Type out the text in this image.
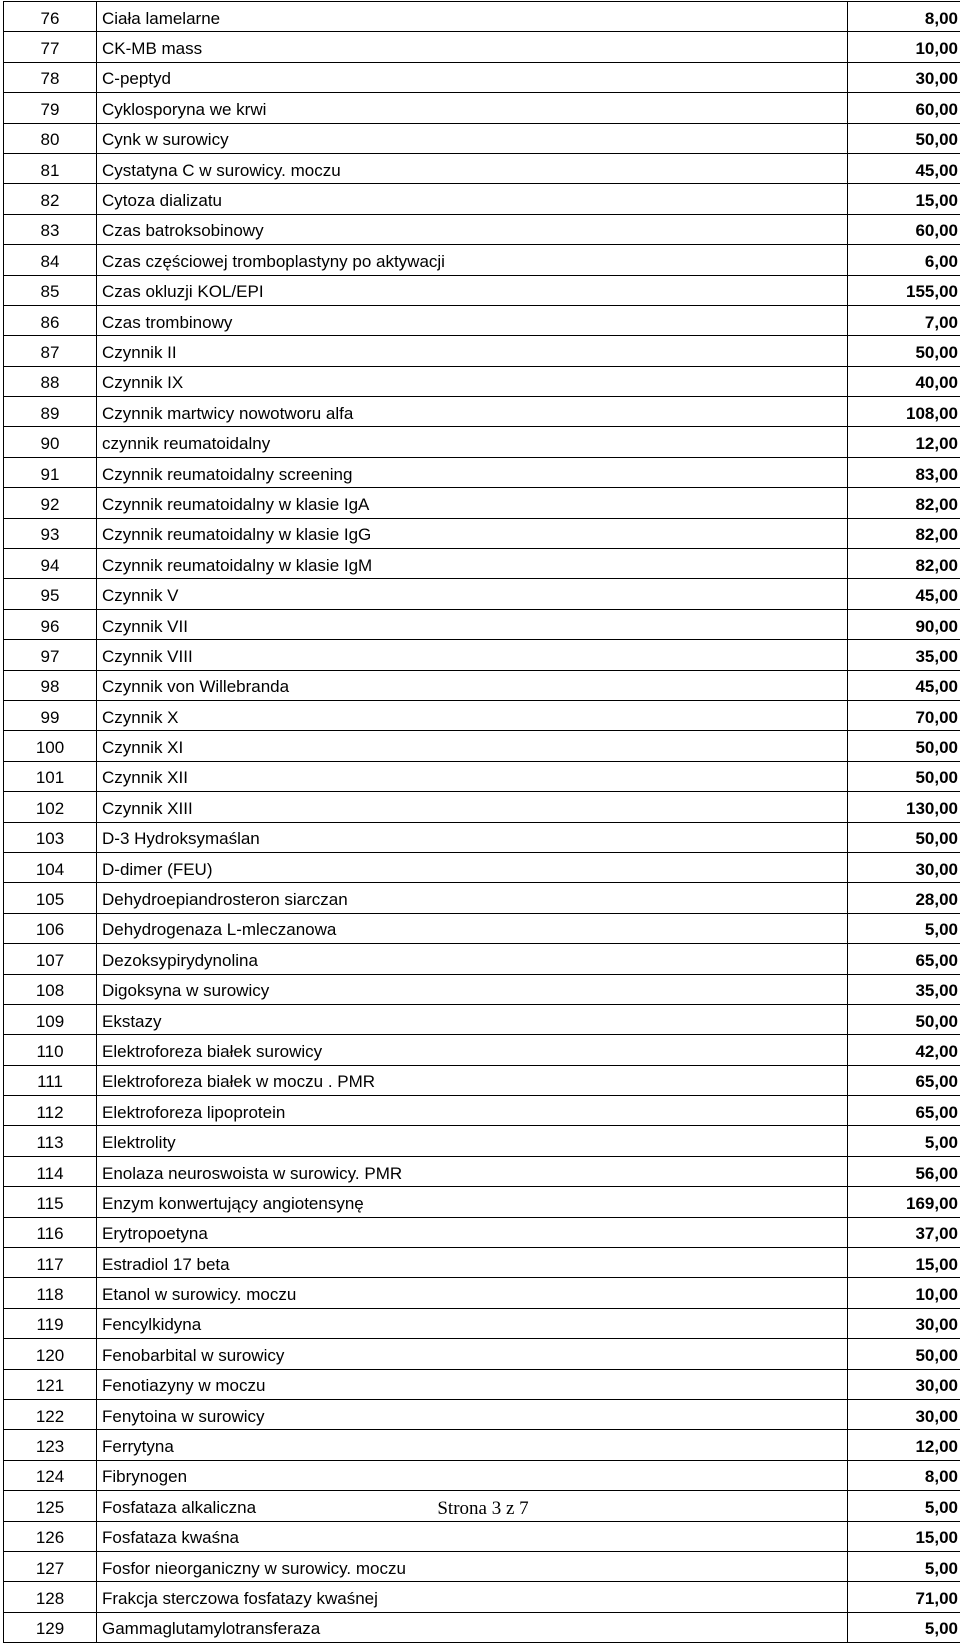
76	Ciała lamelarne	8,00
77	CK-MB mass	10,00
78	C-peptyd	30,00
79	Cyklosporyna we krwi	60,00
80	Cynk w surowicy	50,00
81	Cystatyna C w surowicy. moczu	45,00
82	Cytoza dializatu	15,00
83	Czas batroksobinowy	60,00
84	Czas częściowej tromboplastyny po aktywacji	6,00
85	Czas okluzji KOL/EPI	155,00
86	Czas trombinowy	7,00
87	Czynnik II	50,00
88	Czynnik IX	40,00
89	Czynnik martwicy nowotworu alfa	108,00
90	czynnik reumatoidalny	12,00
91	Czynnik reumatoidalny screening	83,00
92	Czynnik reumatoidalny w klasie IgA	82,00
93	Czynnik reumatoidalny w klasie IgG	82,00
94	Czynnik reumatoidalny w klasie IgM	82,00
95	Czynnik V	45,00
96	Czynnik VII	90,00
97	Czynnik VIII	35,00
98	Czynnik von Willebranda	45,00
99	Czynnik X	70,00
100	Czynnik XI	50,00
101	Czynnik XII	50,00
102	Czynnik XIII	130,00
103	D-3 Hydroksymaślan	50,00
104	D-dimer (FEU)	30,00
105	Dehydroepiandrosteron siarczan	28,00
106	Dehydrogenaza L-mleczanowa	5,00
107	Dezoksypirydynolina	65,00
108	Digoksyna w surowicy	35,00
109	Ekstazy	50,00
110	Elektroforeza białek surowicy	42,00
111	Elektroforeza białek w moczu . PMR	65,00
112	Elektroforeza lipoprotein	65,00
113	Elektrolity	5,00
114	Enolaza neuroswoista w surowicy. PMR	56,00
115	Enzym konwertujący angiotensynę	169,00
116	Erytropoetyna	37,00
117	Estradiol 17 beta	15,00
118	Etanol w surowicy. moczu	10,00
119	Fencylkidyna	30,00
120	Fenobarbital w surowicy	50,00
121	Fenotiazyny w moczu	30,00
122	Fenytoina w surowicy	30,00
123	Ferrytyna	12,00
124	Fibrynogen	8,00
125	Fosfataza alkaliczna	5,00
126	Fosfataza kwaśna	15,00
127	Fosfor nieorganiczny w surowicy. moczu	5,00
128	Frakcja sterczowa fosfatazy kwaśnej	71,00
129	Gammaglutamylotransferaza	5,00
Strona 3 z 7
